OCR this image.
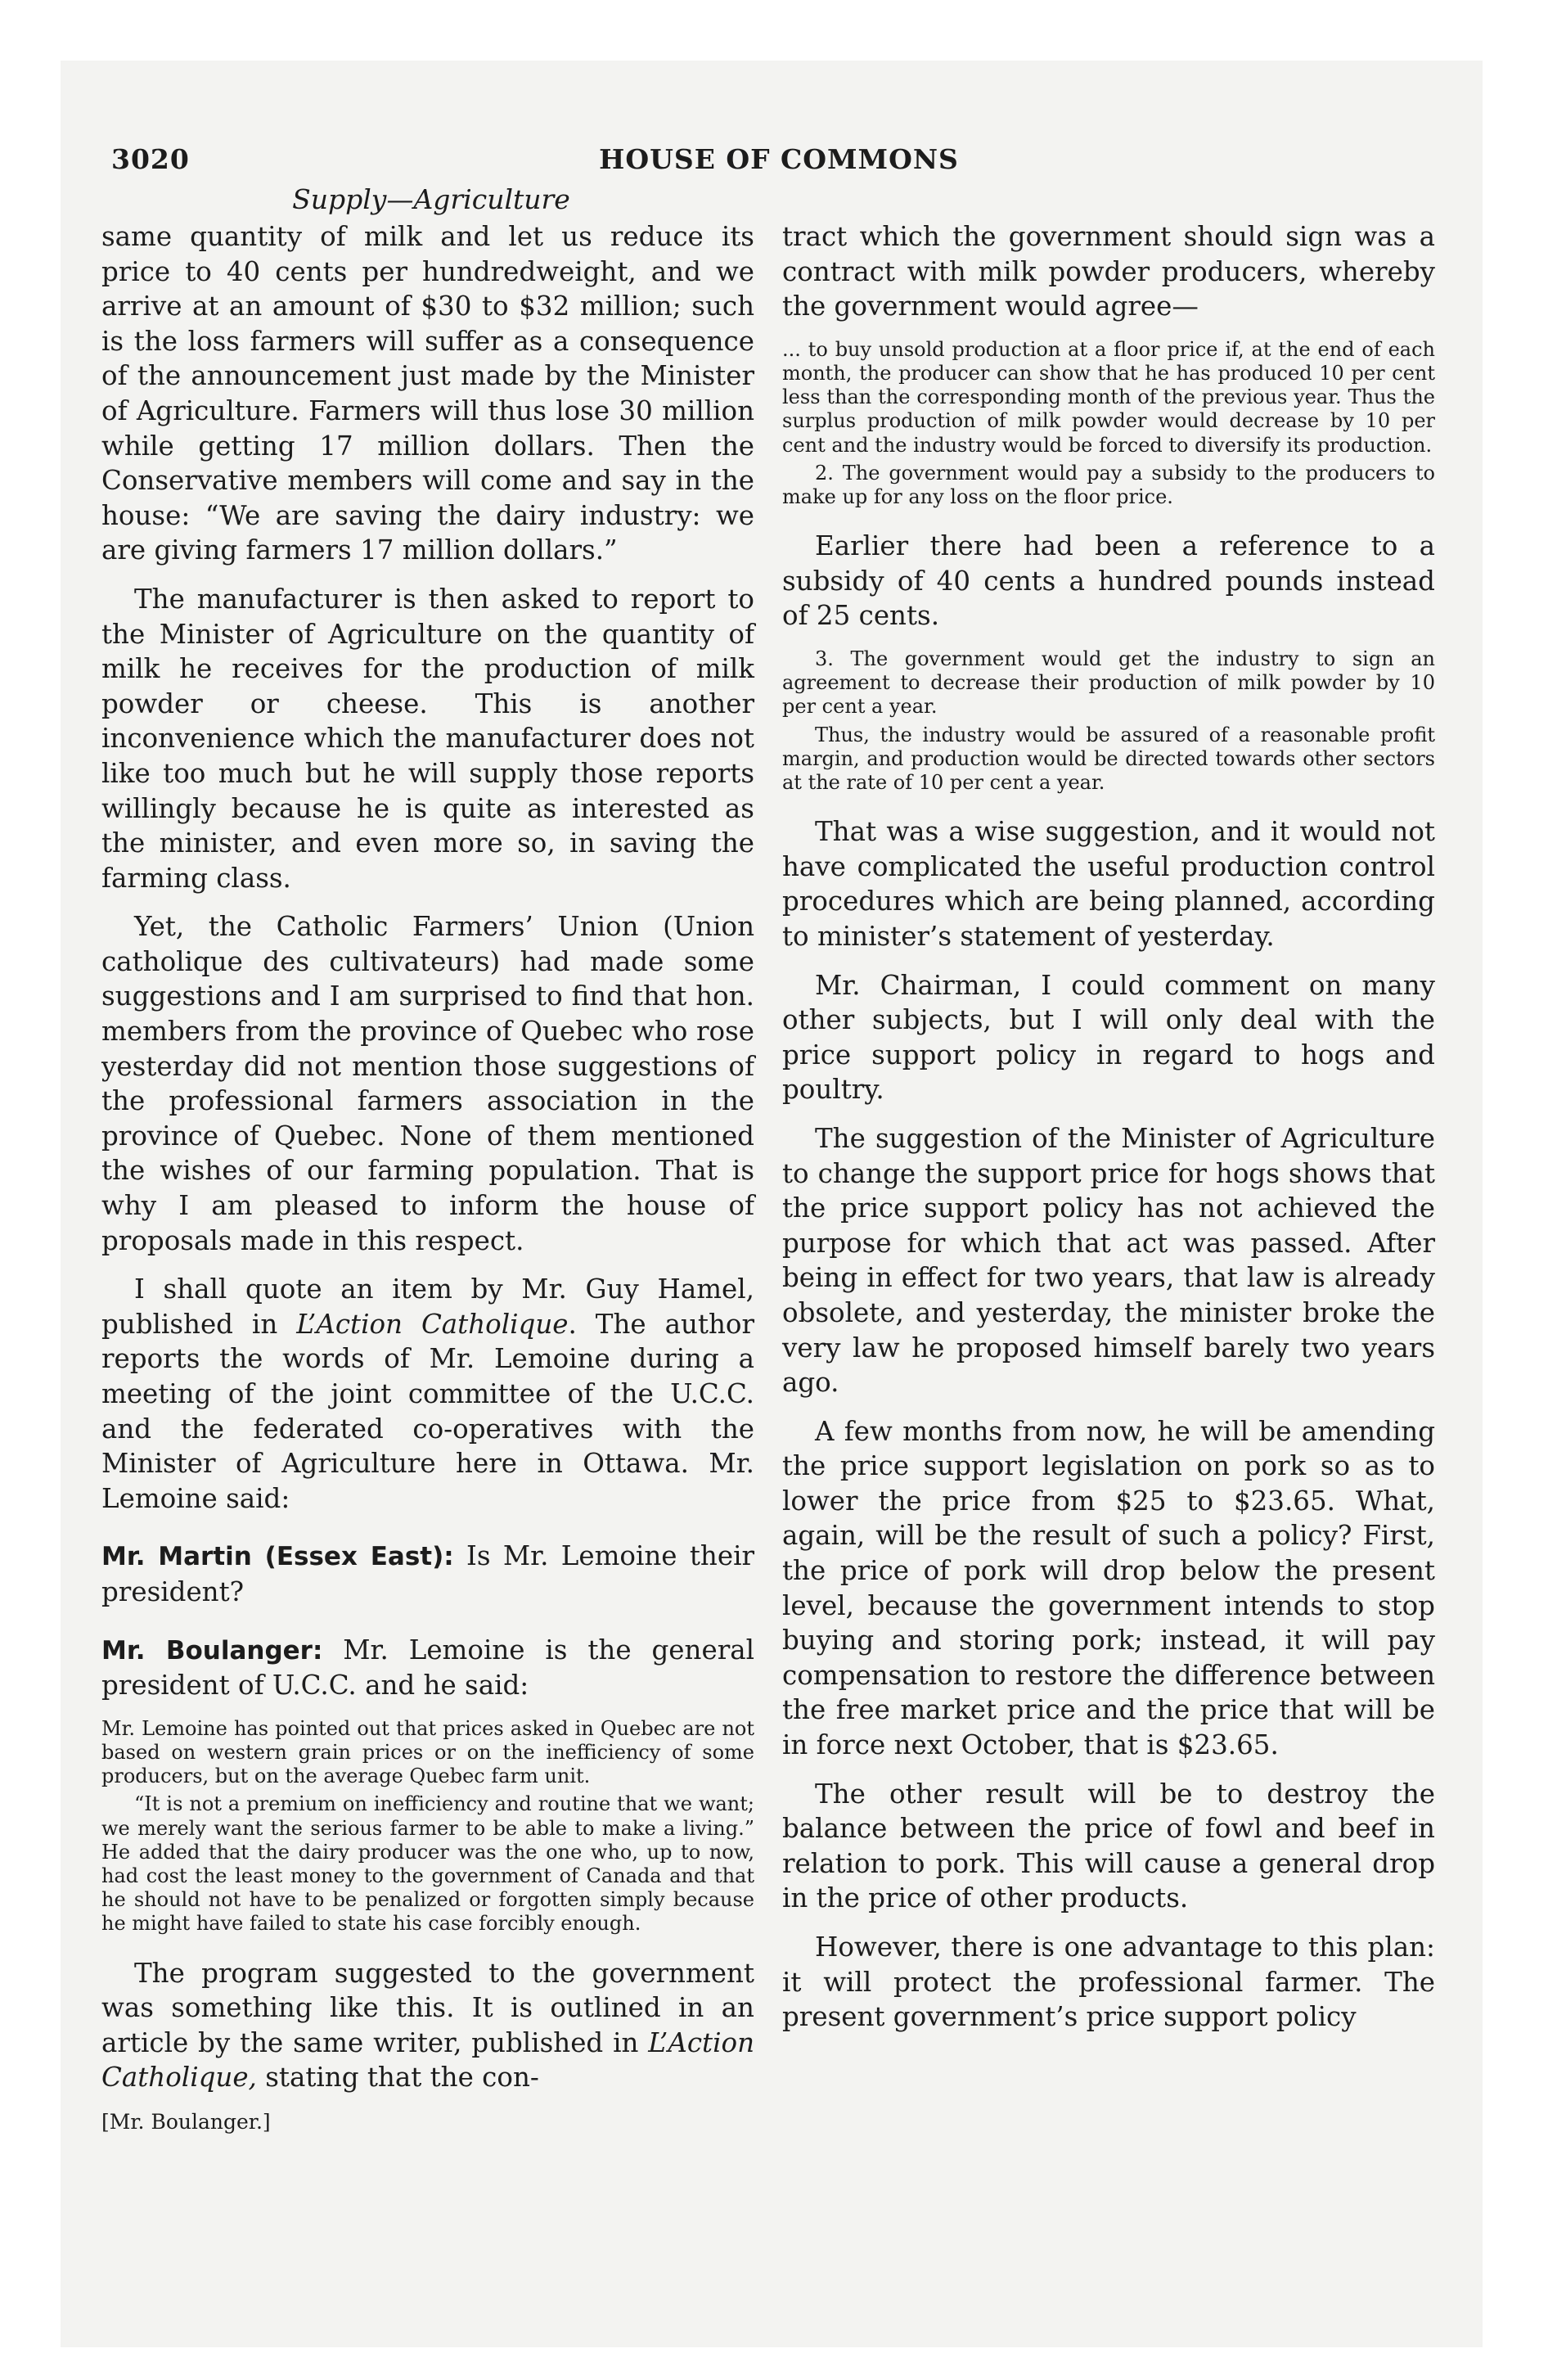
3020	HOUSE OF COMMONS
Supply—Agriculture

same quantity of milk and let us reduce its price to 40 cents per hundredweight, and we arrive at an amount of $30 to $32 million; such is the loss farmers will suffer as a consequence of the announcement just made by the Minister of Agriculture. Farmers will thus lose 30 million while getting 17 million dollars. Then the Conservative members will come and say in the house: “We are saving the dairy industry: we are giving farmers 17 million dollars.”

The manufacturer is then asked to report to the Minister of Agriculture on the quantity of milk he receives for the production of milk powder or cheese. This is another inconvenience which the manufacturer does not like too much but he will supply those reports willingly because he is quite as interested as the minister, and even more so, in saving the farming class.

Yet, the Catholic Farmers’ Union (Union catholique des cultivateurs) had made some suggestions and I am surprised to find that hon. members from the province of Quebec who rose yesterday did not mention those suggestions of the professional farmers association in the province of Quebec. None of them mentioned the wishes of our farming population. That is why I am pleased to inform the house of proposals made in this respect.

I shall quote an item by Mr. Guy Hamel, published in L’Action Catholique. The author reports the words of Mr. Lemoine during a meeting of the joint committee of the U.C.C. and the federated co-operatives with the Minister of Agriculture here in Ottawa. Mr. Lemoine said:

Mr. Martin (Essex East): Is Mr. Lemoine their president?

Mr. Boulanger: Mr. Lemoine is the general president of U.C.C. and he said:

Mr. Lemoine has pointed out that prices asked in Quebec are not based on western grain prices or on the inefficiency of some producers, but on the average Quebec farm unit.

“It is not a premium on inefficiency and routine that we want; we merely want the serious farmer to be able to make a living.” He added that the dairy producer was the one who, up to now, had cost the least money to the government of Canada and that he should not have to be penalized or forgotten simply because he might have failed to state his case forcibly enough.

The program suggested to the government was something like this. It is outlined in an article by the same writer, published in L’Action Catholique, stating that the con-

[Mr. Boulanger.]

tract which the government should sign was a contract with milk powder producers, whereby the government would agree—

... to buy unsold production at a floor price if, at the end of each month, the producer can show that he has produced 10 per cent less than the corresponding month of the previous year. Thus the surplus production of milk powder would decrease by 10 per cent and the industry would be forced to diversify its production.

2. The government would pay a subsidy to the producers to make up for any loss on the floor price.

Earlier there had been a reference to a subsidy of 40 cents a hundred pounds instead of 25 cents.

3. The government would get the industry to sign an agreement to decrease their production of milk powder by 10 per cent a year.

Thus, the industry would be assured of a reasonable profit margin, and production would be directed towards other sectors at the rate of 10 per cent a year.

That was a wise suggestion, and it would not have complicated the useful production control procedures which are being planned, according to minister’s statement of yesterday.

Mr. Chairman, I could comment on many other subjects, but I will only deal with the price support policy in regard to hogs and poultry.

The suggestion of the Minister of Agriculture to change the support price for hogs shows that the price support policy has not achieved the purpose for which that act was passed. After being in effect for two years, that law is already obsolete, and yesterday, the minister broke the very law he proposed himself barely two years ago.

A few months from now, he will be amending the price support legislation on pork so as to lower the price from $25 to $23.65. What, again, will be the result of such a policy? First, the price of pork will drop below the present level, because the government intends to stop buying and storing pork; instead, it will pay compensation to restore the difference between the free market price and the price that will be in force next October, that is $23.65.

The other result will be to destroy the balance between the price of fowl and beef in relation to pork. This will cause a general drop in the price of other products.

However, there is one advantage to this plan: it will protect the professional farmer. The present government’s price support policy
